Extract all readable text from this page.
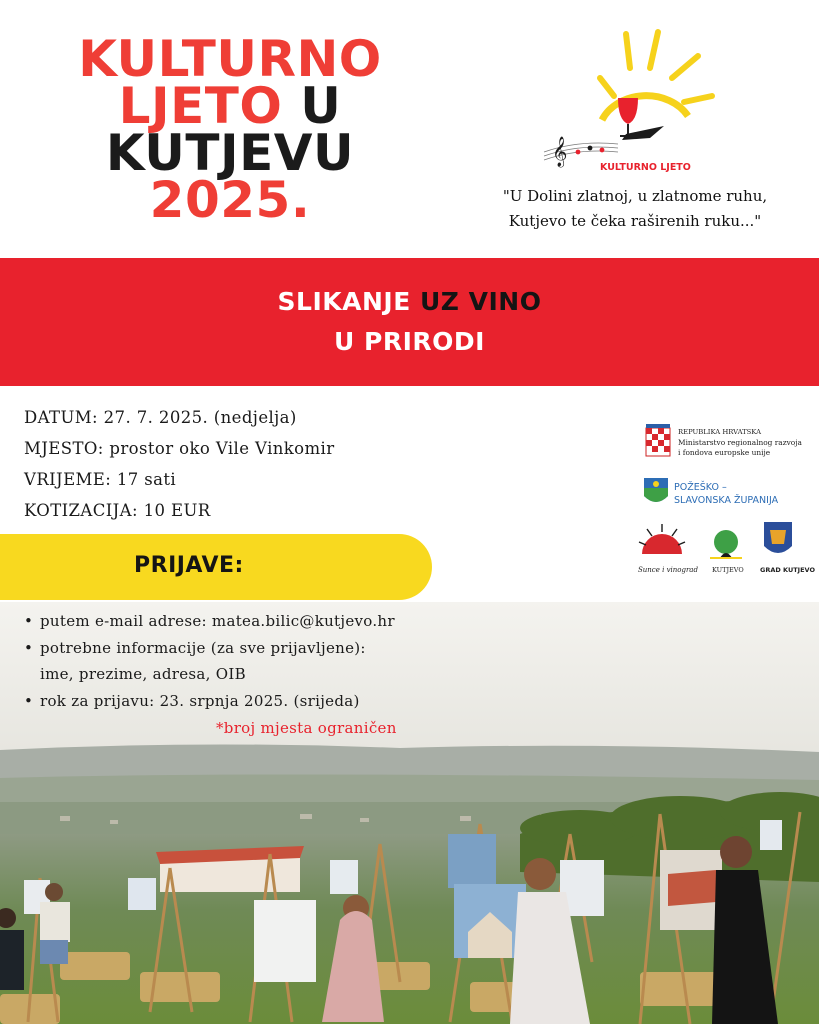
KULTURNO
LJETO U
KUTJEVU
2025.
𝄞
KULTURNO LJETO
"U Dolini zlatnoj, u zlatnome ruhu,
Kutjevo te čeka raširenih ruku..."
SLIKANJE UZ VINO
U PRIRODI
DATUM: 27. 7. 2025. (nedjelja)
MJESTO: prostor oko Vile Vinkomir
VRIJEME: 17 sati
KOTIZACIJA: 10 EUR
REPUBLIKA HRVATSKA
Ministarstvo regionalnog razvoja
i fondova europske unije
POŽEŠKO –
SLAVONSKA ŽUPANIJA
Sunce i vinograd KUTJEVO	GRAD KUTJEVO
PRIJAVE:
• putem e-mail adrese: matea.bilic@kutjevo.hr
• potrebne informacije (za sve prijavljene):
ime, prezime, adresa, OIB
• rok za prijavu: 23. srpnja 2025. (srijeda)
*broj mjesta ograničen
